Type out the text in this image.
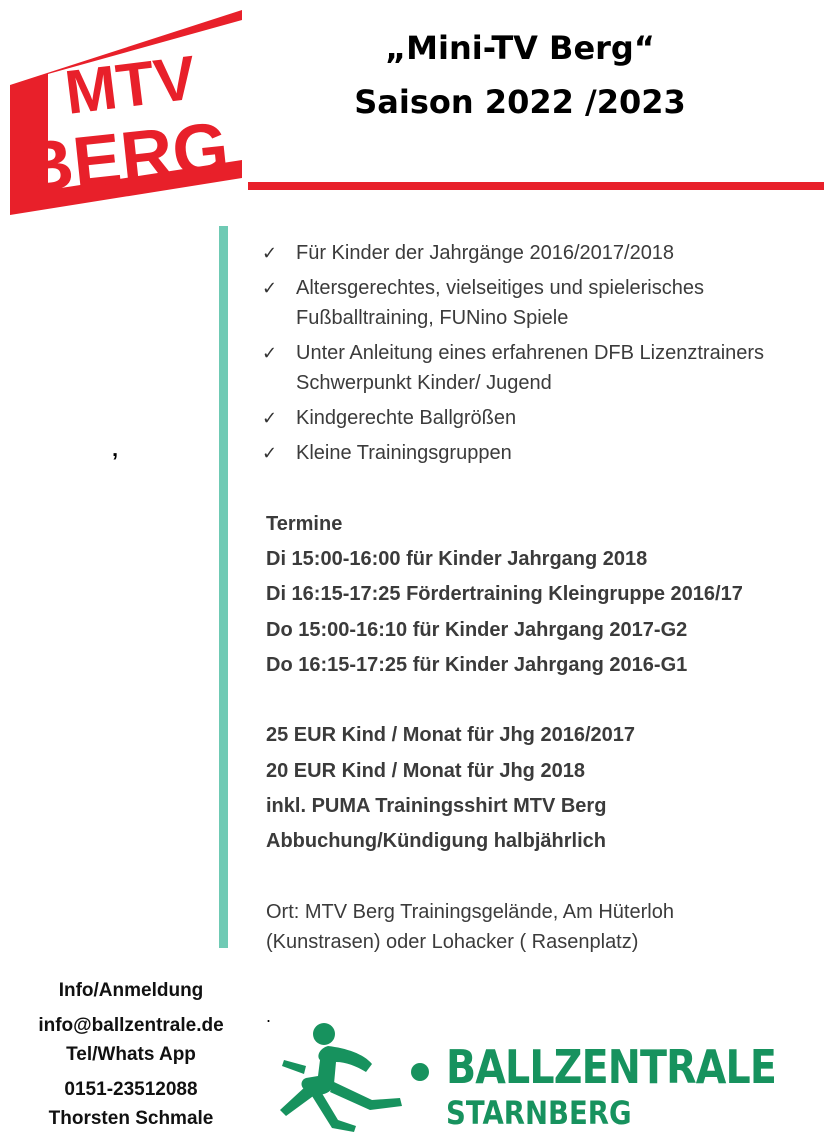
MTV
BERG
„Mini-TV Berg“
Saison 2022 /2023
‚
✓ Für Kinder der Jahrgänge 2016/2017/2018
✓ Altersgerechtes, vielseitiges und spielerisches Fußballtraining, FUNino Spiele
✓ Unter Anleitung eines erfahrenen DFB Lizenztrainers Schwerpunkt Kinder/ Jugend
✓ Kindgerechte Ballgrößen
✓ Kleine Trainingsgruppen
Termine
Di 15:00-16:00 für Kinder Jahrgang 2018
Di 16:15-17:25 Fördertraining Kleingruppe 2016/17
Do 15:00-16:10 für Kinder Jahrgang 2017-G2
Do 16:15-17:25 für Kinder Jahrgang 2016-G1
25 EUR Kind / Monat für Jhg 2016/2017
20 EUR Kind / Monat für Jhg 2018
inkl. PUMA Trainingsshirt MTV Berg
Abbuchung/Kündigung halbjährlich
Ort: MTV Berg Trainingsgelände, Am Hüterloh
(Kunstrasen) oder Lohacker ( Rasenplatz)
.
Info/Anmeldung
info@ballzentrale.de
Tel/Whats App
0151-23512088
Thorsten Schmale
BALLZENTRALE
STARNBERG
